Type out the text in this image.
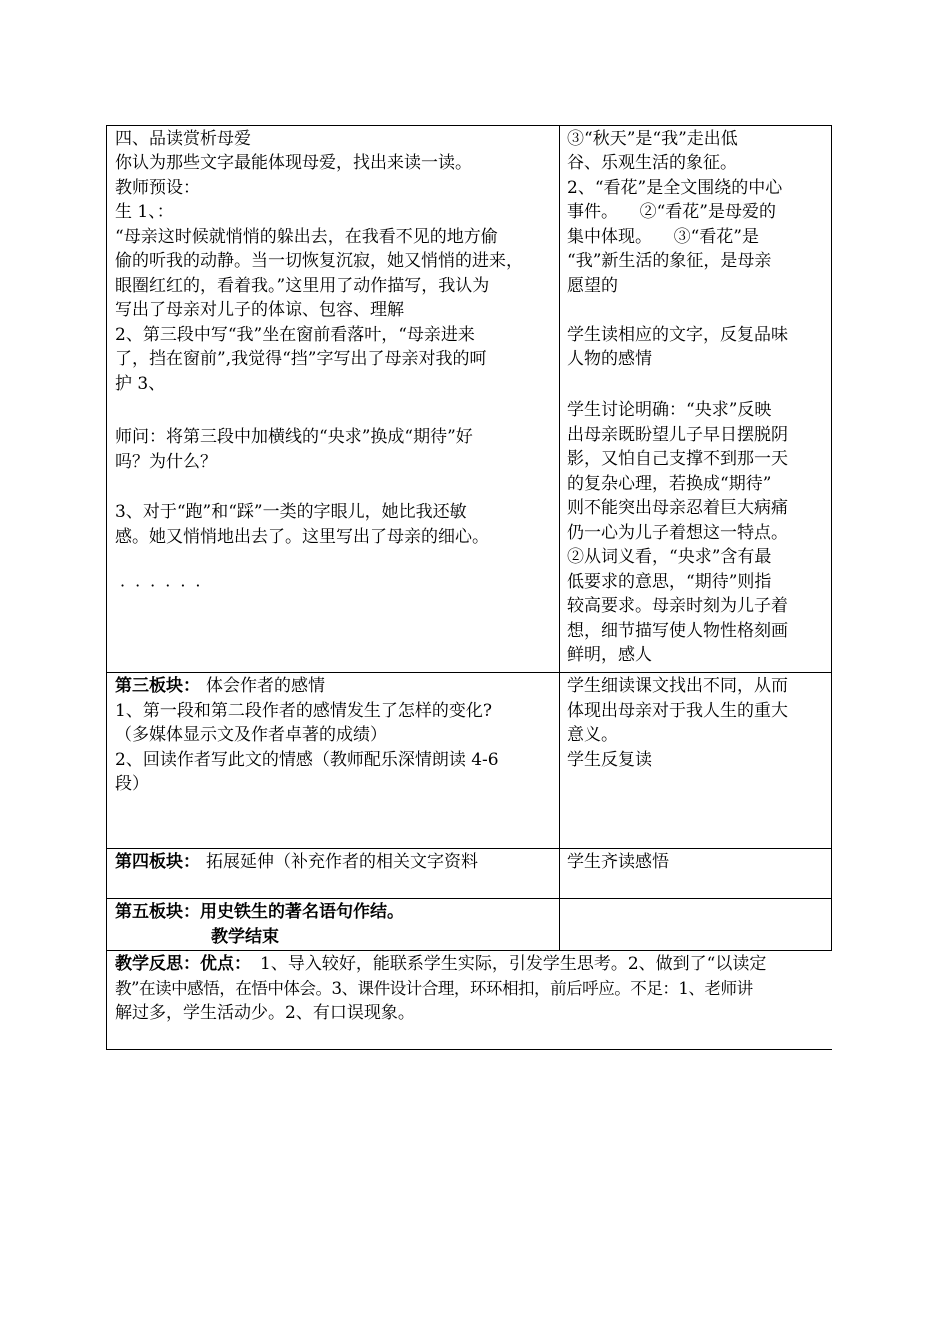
四、品读赏析母爱
你认为那些文字最能体现母爱，找出来读一读。
教师预设：
生 1、：
“母亲这时候就悄悄的躲出去，在我看不见的地方偷
偷的听我的动静。当一切恢复沉寂，她又悄悄的进来，
眼圈红红的，看着我。”这里用了动作描写，我认为
写出了母亲对儿子的体谅、包容、理解
2、第三段中写“我”坐在窗前看落叶，“母亲进来
了，挡在窗前”,我觉得“挡”字写出了母亲对我的呵
护 3、
师问：将第三段中加横线的“央求”换成“期待”好
吗？为什么？
3、对于“跑”和“踩”一类的字眼儿，她比我还敏
感。她又悄悄地出去了。这里写出了母亲的细心。
······
③“秋天”是“我”走出低
谷、乐观生活的象征。
2、“看花”是全文围绕的中心
事件。    ②“看花”是母爱的
集中体现。    ③“看花”是
“我”新生活的象征，是母亲
愿望的
学生读相应的文字，反复品味
人物的感情
学生讨论明确：“央求”反映
出母亲既盼望儿子早日摆脱阴
影，又怕自己支撑不到那一天
的复杂心理，若换成“期待”
则不能突出母亲忍着巨大病痛
仍一心为儿子着想这一特点。
②从词义看，“央求”含有最
低要求的意思，“期待”则指
较高要求。母亲时刻为儿子着
想，细节描写使人物性格刻画
鲜明，感人
第三板块： 体会作者的感情
1、第一段和第二段作者的感情发生了怎样的变化?
（多媒体显示文及作者卓著的成绩）
2、回读作者写此文的情感（教师配乐深情朗读 4-6
段）
学生细读课文找出不同，从而
体现出母亲对于我人生的重大
意义。
学生反复读
第四板块： 拓展延伸（补充作者的相关文字资料	学生齐读感悟
第五板块：用史铁生的著名语句作结。
教学结束
教学反思：优点： 1、导入较好，能联系学生实际，引发学生思考。2、做到了“以读定
教”在读中感悟，在悟中体会。3、课件设计合理，环环相扣，前后呼应。不足：1、老师讲
解过多，学生活动少。2、有口误现象。
